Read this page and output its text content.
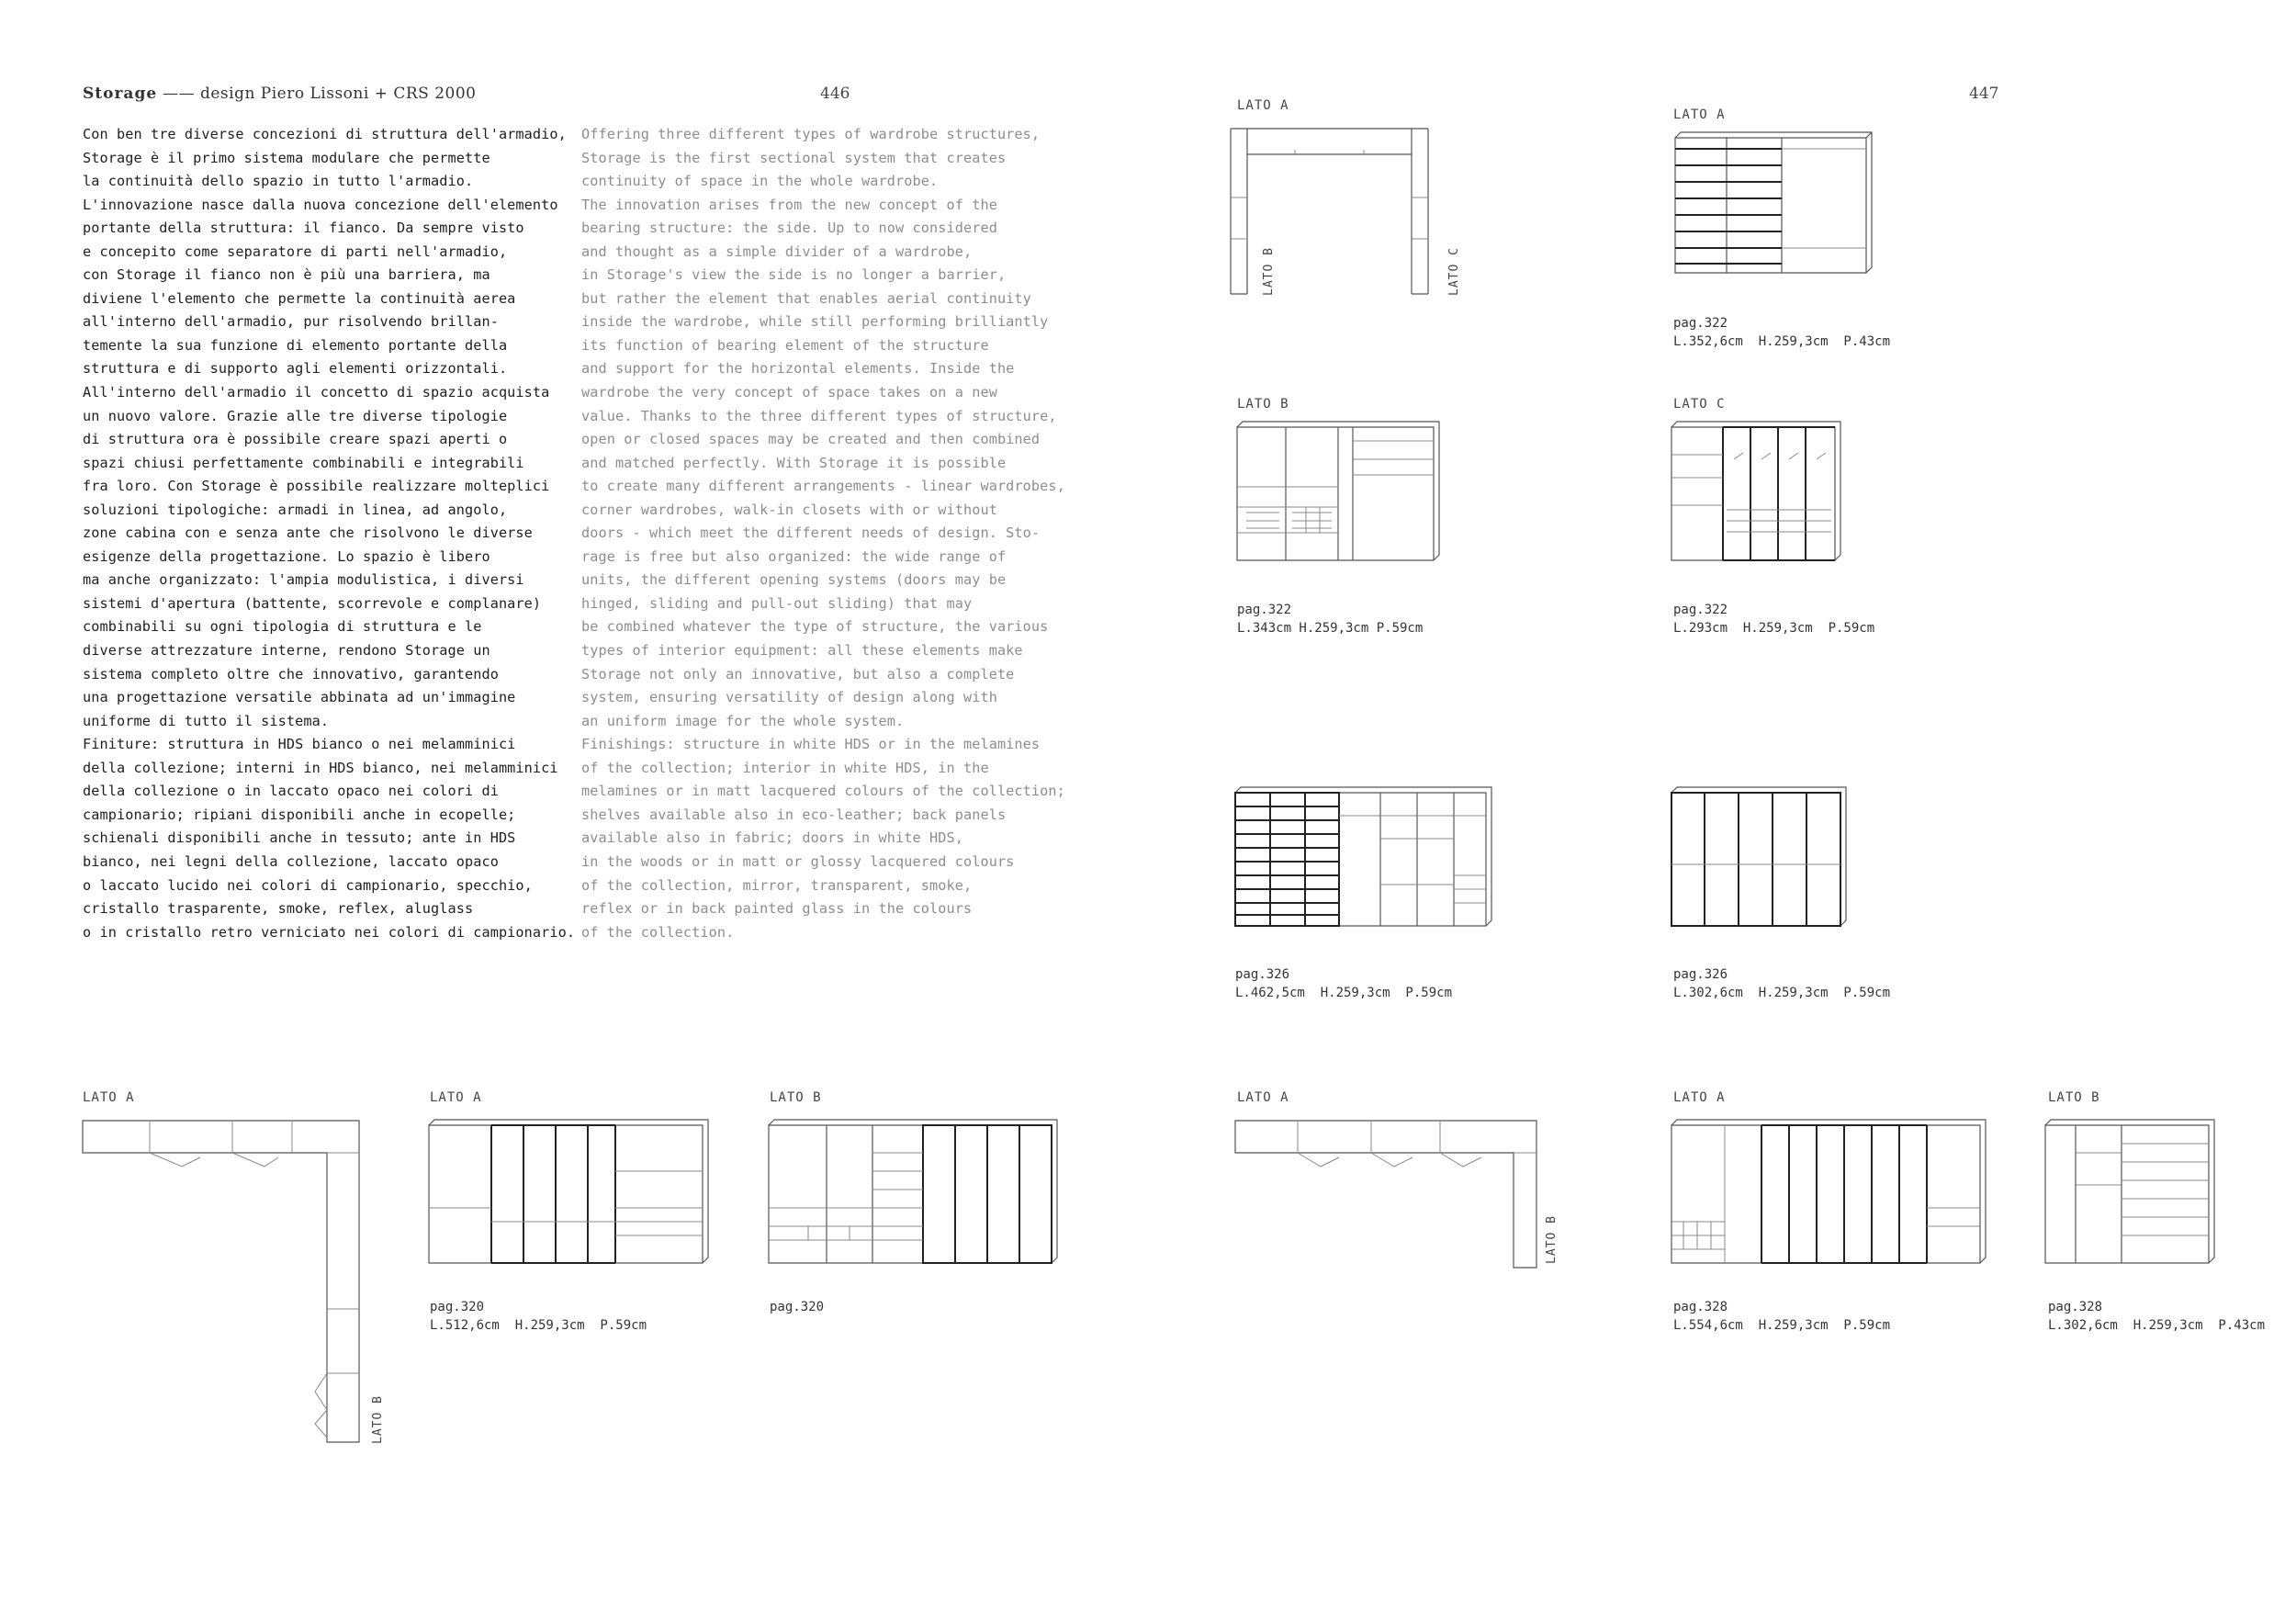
Storage —— design Piero Lissoni + CRS 2000	446	447
Con ben tre diverse concezioni di struttura dell'armadio,
Storage è il primo sistema modulare che permette
la continuità dello spazio in tutto l'armadio.
L'innovazione nasce dalla nuova concezione dell'elemento
portante della struttura: il fianco. Da sempre visto
e concepito come separatore di parti nell'armadio,
con Storage il fianco non è più una barriera, ma
diviene l'elemento che permette la continuità aerea
all'interno dell'armadio, pur risolvendo brillan-
temente la sua funzione di elemento portante della
struttura e di supporto agli elementi orizzontali.
All'interno dell'armadio il concetto di spazio acquista
un nuovo valore. Grazie alle tre diverse tipologie
di struttura ora è possibile creare spazi aperti o
spazi chiusi perfettamente combinabili e integrabili
fra loro. Con Storage è possibile realizzare molteplici
soluzioni tipologiche: armadi in linea, ad angolo,
zone cabina con e senza ante che risolvono le diverse
esigenze della progettazione. Lo spazio è libero
ma anche organizzato: l'ampia modulistica, i diversi
sistemi d'apertura (battente, scorrevole e complanare)
combinabili su ogni tipologia di struttura e le
diverse attrezzature interne, rendono Storage un
sistema completo oltre che innovativo, garantendo
una progettazione versatile abbinata ad un'immagine
uniforme di tutto il sistema.
Finiture: struttura in HDS bianco o nei melamminici
della collezione; interni in HDS bianco, nei melamminici
della collezione o in laccato opaco nei colori di
campionario; ripiani disponibili anche in ecopelle;
schienali disponibili anche in tessuto; ante in HDS
bianco, nei legni della collezione, laccato opaco
o laccato lucido nei colori di campionario, specchio,
cristallo trasparente, smoke, reflex, aluglass
o in cristallo retro verniciato nei colori di campionario.
Offering three different types of wardrobe structures,
Storage is the first sectional system that creates
continuity of space in the whole wardrobe.
The innovation arises from the new concept of the
bearing structure: the side. Up to now considered
and thought as a simple divider of a wardrobe,
in Storage's view the side is no longer a barrier,
but rather the element that enables aerial continuity
inside the wardrobe, while still performing brilliantly
its function of bearing element of the structure
and support for the horizontal elements. Inside the
wardrobe the very concept of space takes on a new
value. Thanks to the three different types of structure,
open or closed spaces may be created and then combined
and matched perfectly. With Storage it is possible
to create many different arrangements - linear wardrobes,
corner wardrobes, walk-in closets with or without
doors - which meet the different needs of design. Sto-
rage is free but also organized: the wide range of
units, the different opening systems (doors may be
hinged, sliding and pull-out sliding) that may
be combined whatever the type of structure, the various
types of interior equipment: all these elements make
Storage not only an innovative, but also a complete
system, ensuring versatility of design along with
an uniform image for the whole system.
Finishings: structure in white HDS or in the melamines
of the collection; interior in white HDS, in the
melamines or in matt lacquered colours of the collection;
shelves available also in eco-leather; back panels
available also in fabric; doors in white HDS,
in the woods or in matt or glossy lacquered colours
of the collection, mirror, transparent, smoke,
reflex or in back painted glass in the colours
of the collection.
LATO A
LATO B	LATO C
LATO A
pag.322
L.352,6cm  H.259,3cm  P.43cm
LATO B
pag.322
L.343cm H.259,3cm P.59cm
LATO C
pag.322
L.293cm  H.259,3cm  P.59cm
pag.326
L.462,5cm  H.259,3cm  P.59cm
pag.326
L.302,6cm  H.259,3cm  P.59cm
LATO A
LATO B
LATO A
pag.320
L.512,6cm  H.259,3cm  P.59cm
LATO B
pag.320
LATO A
LATO B
LATO A
pag.328
L.554,6cm  H.259,3cm  P.59cm
LATO B
pag.328
L.302,6cm  H.259,3cm  P.43cm
